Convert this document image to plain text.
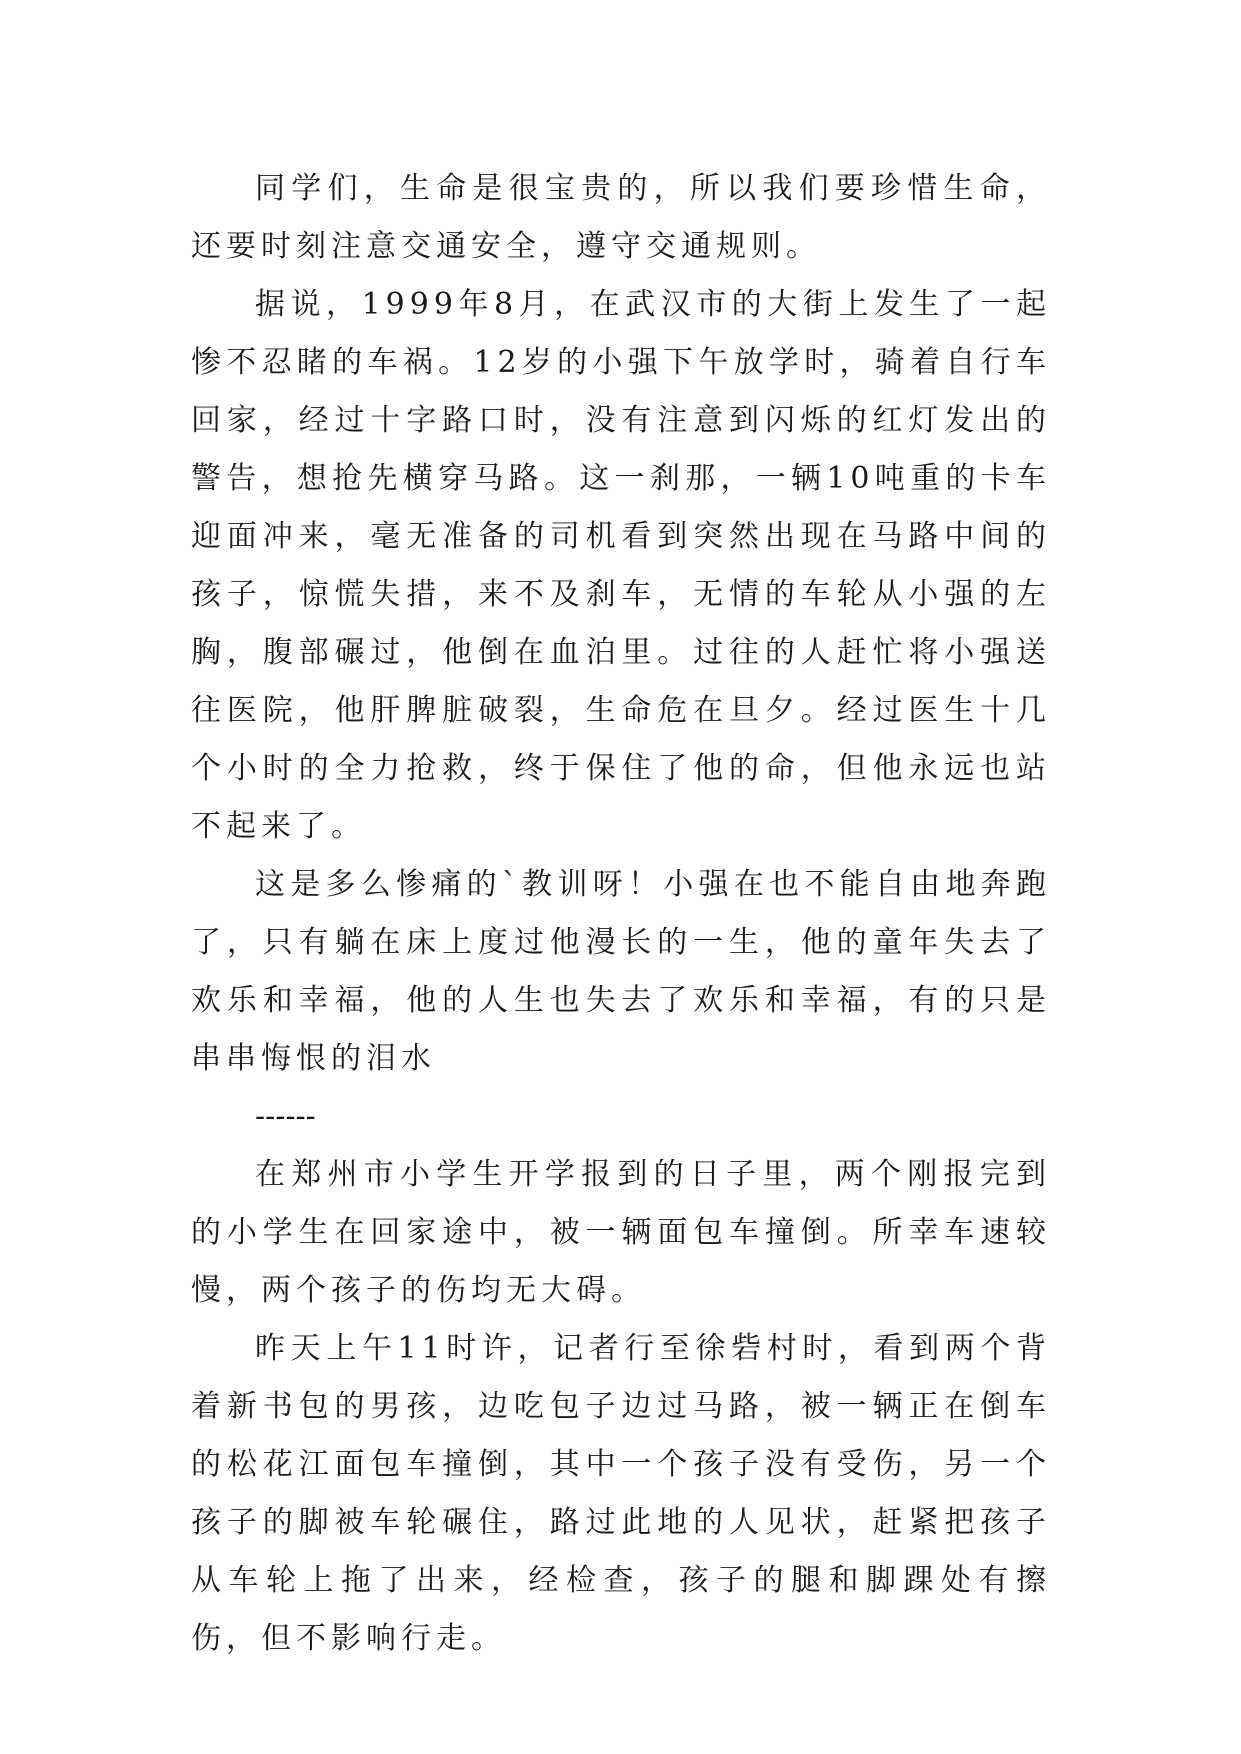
同学们，生命是很宝贵的，所以我们要珍惜生命，还要时刻注意交通安全，遵守交通规则。

据说，1999年8月，在武汉市的大街上发生了一起惨不忍睹的车祸。12岁的小强下午放学时，骑着自行车回家，经过十字路口时，没有注意到闪烁的红灯发出的警告，想抢先横穿马路。这一刹那，一辆10吨重的卡车迎面冲来，毫无准备的司机看到突然出现在马路中间的孩子，惊慌失措，来不及刹车，无情的车轮从小强的左胸，腹部碾过，他倒在血泊里。过往的人赶忙将小强送往医院，他肝脾脏破裂，生命危在旦夕。经过医生十几个小时的全力抢救，终于保住了他的命，但他永远也站不起来了。

这是多么惨痛的`教训呀！小强在也不能自由地奔跑了，只有躺在床上度过他漫长的一生，他的童年失去了欢乐和幸福，他的人生也失去了欢乐和幸福，有的只是串串悔恨的泪水

------

在郑州市小学生开学报到的日子里，两个刚报完到的小学生在回家途中，被一辆面包车撞倒。所幸车速较慢，两个孩子的伤均无大碍。

昨天上午11时许，记者行至徐砦村时，看到两个背着新书包的男孩，边吃包子边过马路，被一辆正在倒车的松花江面包车撞倒，其中一个孩子没有受伤，另一个孩子的脚被车轮碾住，路过此地的人见状，赶紧把孩子从车轮上拖了出来，经检查，孩子的腿和脚踝处有擦伤，但不影响行走。
